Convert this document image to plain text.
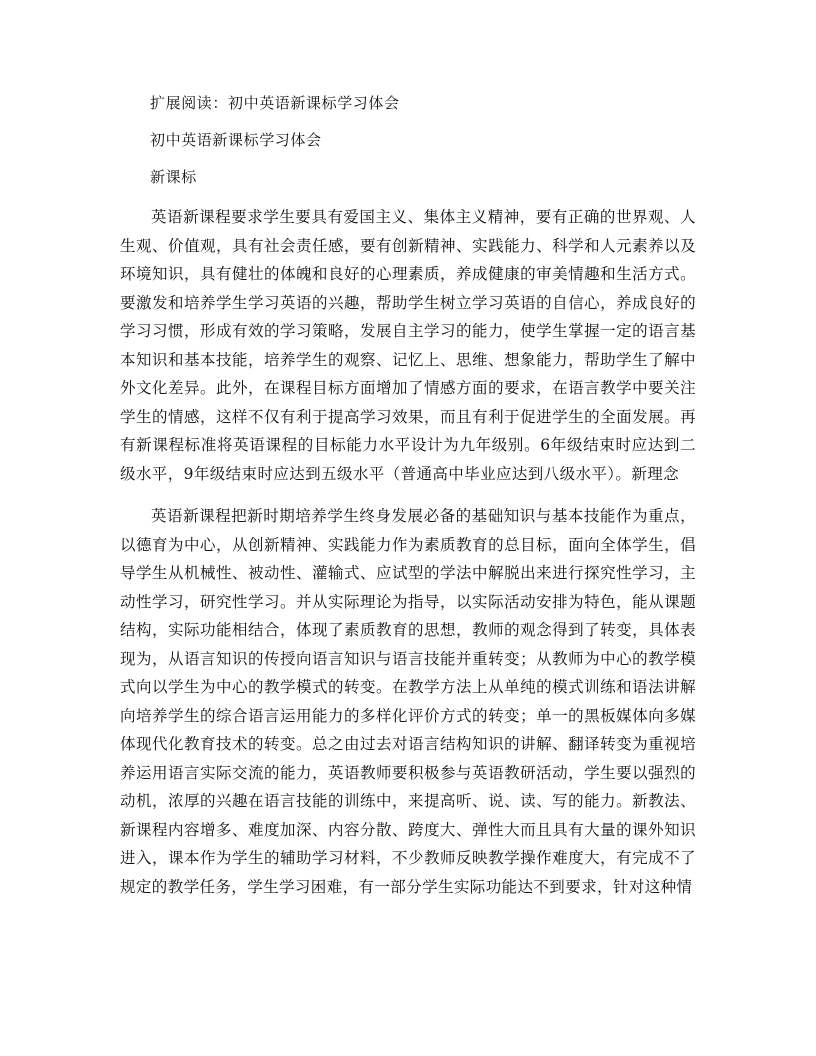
扩展阅读：初中英语新课标学习体会
初中英语新课标学习体会
新课标

英语新课程要求学生要具有爱国主义、集体主义精神，要有正确的世界观、人生观、价值观，具有社会责任感，要有创新精神、实践能力、科学和人元素养以及环境知识，具有健壮的体魄和良好的心理素质，养成健康的审美情趣和生活方式。要激发和培养学生学习英语的兴趣，帮助学生树立学习英语的自信心，养成良好的学习习惯，形成有效的学习策略，发展自主学习的能力，使学生掌握一定的语言基本知识和基本技能，培养学生的观察、记忆上、思维、想象能力，帮助学生了解中外文化差异。此外，在课程目标方面增加了情感方面的要求，在语言教学中要关注学生的情感，这样不仅有利于提高学习效果，而且有利于促进学生的全面发展。再有新课程标准将英语课程的目标能力水平设计为九年级别。6年级结束时应达到二级水平，9年级结束时应达到五级水平（普通高中毕业应达到八级水平）。新理念

英语新课程把新时期培养学生终身发展必备的基础知识与基本技能作为重点，以德育为中心，从创新精神、实践能力作为素质教育的总目标，面向全体学生，倡导学生从机械性、被动性、灌输式、应试型的学法中解脱出来进行探究性学习，主动性学习，研究性学习。并从实际理论为指导，以实际活动安排为特色，能从课题结构，实际功能相结合，体现了素质教育的思想，教师的观念得到了转变，具体表现为，从语言知识的传授向语言知识与语言技能并重转变；从教师为中心的教学模式向以学生为中心的教学模式的转变。在教学方法上从单纯的模式训练和语法讲解向培养学生的综合语言运用能力的多样化评价方式的转变；单一的黑板媒体向多媒体现代化教育技术的转变。总之由过去对语言结构知识的讲解、翻译转变为重视培养运用语言实际交流的能力，英语教师要积极参与英语教研活动，学生要以强烈的动机，浓厚的兴趣在语言技能的训练中，来提高听、说、读、写的能力。新教法、新课程内容增多、难度加深、内容分散、跨度大、弹性大而且具有大量的课外知识进入，课本作为学生的辅助学习材料，不少教师反映教学操作难度大，有完成不了规定的教学任务，学生学习困难，有一部分学生实际功能达不到要求，针对这种情
